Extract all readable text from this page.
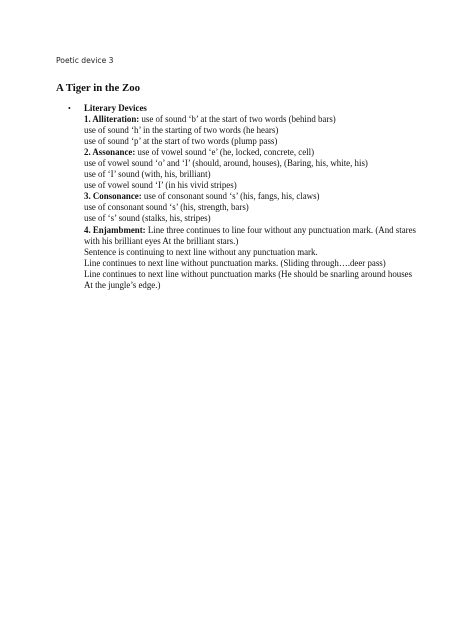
Poetic device 3
A Tiger in the Zoo
• Literary Devices
1. Alliteration: use of sound ‘b’ at the start of two words (behind bars)
use of sound ‘h’ in the starting of two words (he hears)
use of sound ‘p’ at the start of two words (plump pass)
2. Assonance: use of vowel sound ‘e’ (he, locked, concrete, cell)
use of vowel sound ‘o’ and ‘I’ (should, around, houses), (Baring, his, white, his)
use of ‘I’ sound (with, his, brilliant)
use of vowel sound ‘I’ (in his vivid stripes)
3. Consonance: use of consonant sound ‘s’ (his, fangs, his, claws)
use of consonant sound ‘s’ (his, strength, bars)
use of ‘s’ sound (stalks, his, stripes)
4. Enjambment: Line three continues to line four without any punctuation mark. (And stares with his brilliant eyes At the brilliant stars.)
Sentence is continuing to next line without any punctuation mark.
Line continues to next line without punctuation marks. (Sliding through….deer pass)
Line continues to next line without punctuation marks (He should be snarling around houses At the jungle’s edge.)
